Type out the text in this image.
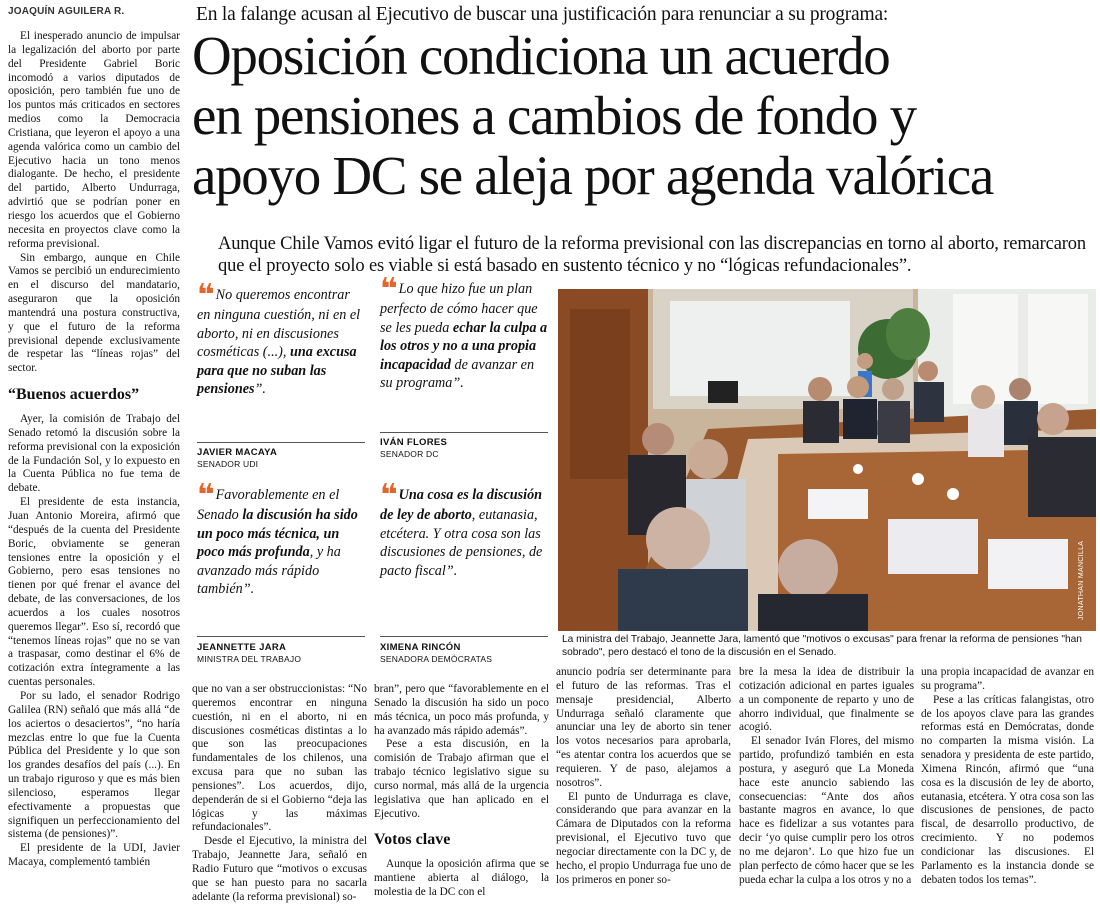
JOAQUÍN AGUILERA R.

El inesperado anuncio de impulsar la legalización del aborto por parte del Presidente Gabriel Boric incomodó a varios diputados de oposición, pero también fue uno de los puntos más criticados en sectores medios como la Democracia Cristiana, que leyeron el apoyo a una agenda valórica como un cambio del Ejecutivo hacia un tono menos dialogante. De hecho, el presidente del partido, Alberto Undurraga, advirtió que se podrían poner en riesgo los acuerdos que el Gobierno necesita en proyectos clave como la reforma previsional.

Sin embargo, aunque en Chile Vamos se percibió un endurecimiento en el discurso del mandatario, aseguraron que la oposición mantendrá una postura constructiva, y que el futuro de la reforma previsional depende exclusivamente de respetar las “líneas rojas” del sector.

“Buenos acuerdos”

Ayer, la comisión de Trabajo del Senado retomó la discusión sobre la reforma previsional con la exposición de la Fundación Sol, y lo expuesto en la Cuenta Pública no fue tema de debate.

El presidente de esta instancia, Juan Antonio Moreira, afirmó que “después de la cuenta del Presidente Boric, obviamente se generan tensiones entre la oposición y el Gobierno, pero esas tensiones no tienen por qué frenar el avance del debate, de las conversaciones, de los acuerdos a los cuales nosotros queremos llegar”. Eso sí, recordó que “tenemos líneas rojas” que no se van a traspasar, como destinar el 6% de cotización extra íntegramente a las cuentas personales.

Por su lado, el senador Rodrigo Galilea (RN) señaló que más allá “de los aciertos o desaciertos”, “no haría mezclas entre lo que fue la Cuenta Pública del Presidente y lo que son los grandes desafíos del país (...). En un trabajo riguroso y que es más bien silencioso, esperamos llegar efectivamente a propuestas que signifiquen un perfeccionamiento del sistema (de pensiones)”.

El presidente de la UDI, Javier Macaya, complementó también

En la falange acusan al Ejecutivo de buscar una justificación para renunciar a su programa:
Oposición condiciona un acuerdo
en pensiones a cambios de fondo y
apoyo DC se aleja por agenda valórica
Aunque Chile Vamos evitó ligar el futuro de la reforma previsional con las discrepancias en torno al aborto, remarcaron que el proyecto solo es viable si está basado en sustento técnico y no “lógicas refundacionales”.
❝ No queremos encontrar en ninguna cuestión, ni en el aborto, ni en discusiones cosméticas (...), una excusa para que no suban las pensiones”.
JAVIER MACAYA
SENADOR UDI
❝ Lo que hizo fue un plan perfecto de cómo hacer que se les pueda echar la culpa a los otros y no a una propia incapacidad de avanzar en su programa”.
IVÁN FLORES
SENADOR DC
❝ Favorablemente en el Senado la discusión ha sido un poco más técnica, un poco más profunda, y ha avanzado más rápido también”.
JEANNETTE JARA
MINISTRA DEL TRABAJO
❝ Una cosa es la discusión de ley de aborto, eutanasia, etcétera. Y otra cosa son las discusiones de pensiones, de pacto fiscal”.
XIMENA RINCÓN
SENADORA DEMÓCRATAS
JONATHAN MANCILLA
La ministra del Trabajo, Jeannette Jara, lamentó que "motivos o excusas" para frenar la reforma de pensiones "han sobrado", pero destacó el tono de la discusión en el Senado.

que no van a ser obstruccionistas: “No queremos encontrar en ninguna cuestión, ni en el aborto, ni en discusiones cosméticas distintas a lo que son las preocupaciones fundamentales de los chilenos, una excusa para que no suban las pensiones”. Los acuerdos, dijo, dependerán de si el Gobierno “deja las lógicas y las máximas refundacionales”.

Desde el Ejecutivo, la ministra del Trabajo, Jeannette Jara, señaló en Radio Futuro que “motivos o excusas que se han puesto para no sacarla adelante (la reforma previsional) so-

bran”, pero que “favorablemente en el Senado la discusión ha sido un poco más técnica, un poco más profunda, y ha avanzado más rápido además”.

Pese a esta discusión, en la comisión de Trabajo afirman que el trabajo técnico legislativo sigue su curso normal, más allá de la urgencia legislativa que han aplicado en el Ejecutivo.

Votos clave

Aunque la oposición afirma que se mantiene abierta al diálogo, la molestia de la DC con el

anuncio podría ser determinante para el futuro de las reformas. Tras el mensaje presidencial, Alberto Undurraga señaló claramente que anunciar una ley de aborto sin tener los votos necesarios para aprobarla, “es atentar contra los acuerdos que se requieren. Y de paso, alejamos a nosotros”.

El punto de Undurraga es clave, considerando que para avanzar en la Cámara de Diputados con la reforma previsional, el Ejecutivo tuvo que negociar directamente con la DC y, de hecho, el propio Undurraga fue uno de los primeros en poner so-

bre la mesa la idea de distribuir la cotización adicional en partes iguales a un componente de reparto y uno de ahorro individual, que finalmente se acogió.

El senador Iván Flores, del mismo partido, profundizó también en esta postura, y aseguró que La Moneda hace este anuncio sabiendo las consecuencias: “Ante dos años bastante magros en avance, lo que hace es fidelizar a sus votantes para decir ‘yo quise cumplir pero los otros no me dejaron’. Lo que hizo fue un plan perfecto de cómo hacer que se les pueda echar la culpa a los otros y no a

una propia incapacidad de avanzar en su programa”.

Pese a las críticas falangistas, otro de los apoyos clave para las grandes reformas está en Demócratas, donde no comparten la misma visión. La senadora y presidenta de este partido, Ximena Rincón, afirmó que “una cosa es la discusión de ley de aborto, eutanasia, etcétera. Y otra cosa son las discusiones de pensiones, de pacto fiscal, de desarrollo productivo, de crecimiento. Y no podemos condicionar las discusiones. El Parlamento es la instancia donde se debaten todos los temas”.
